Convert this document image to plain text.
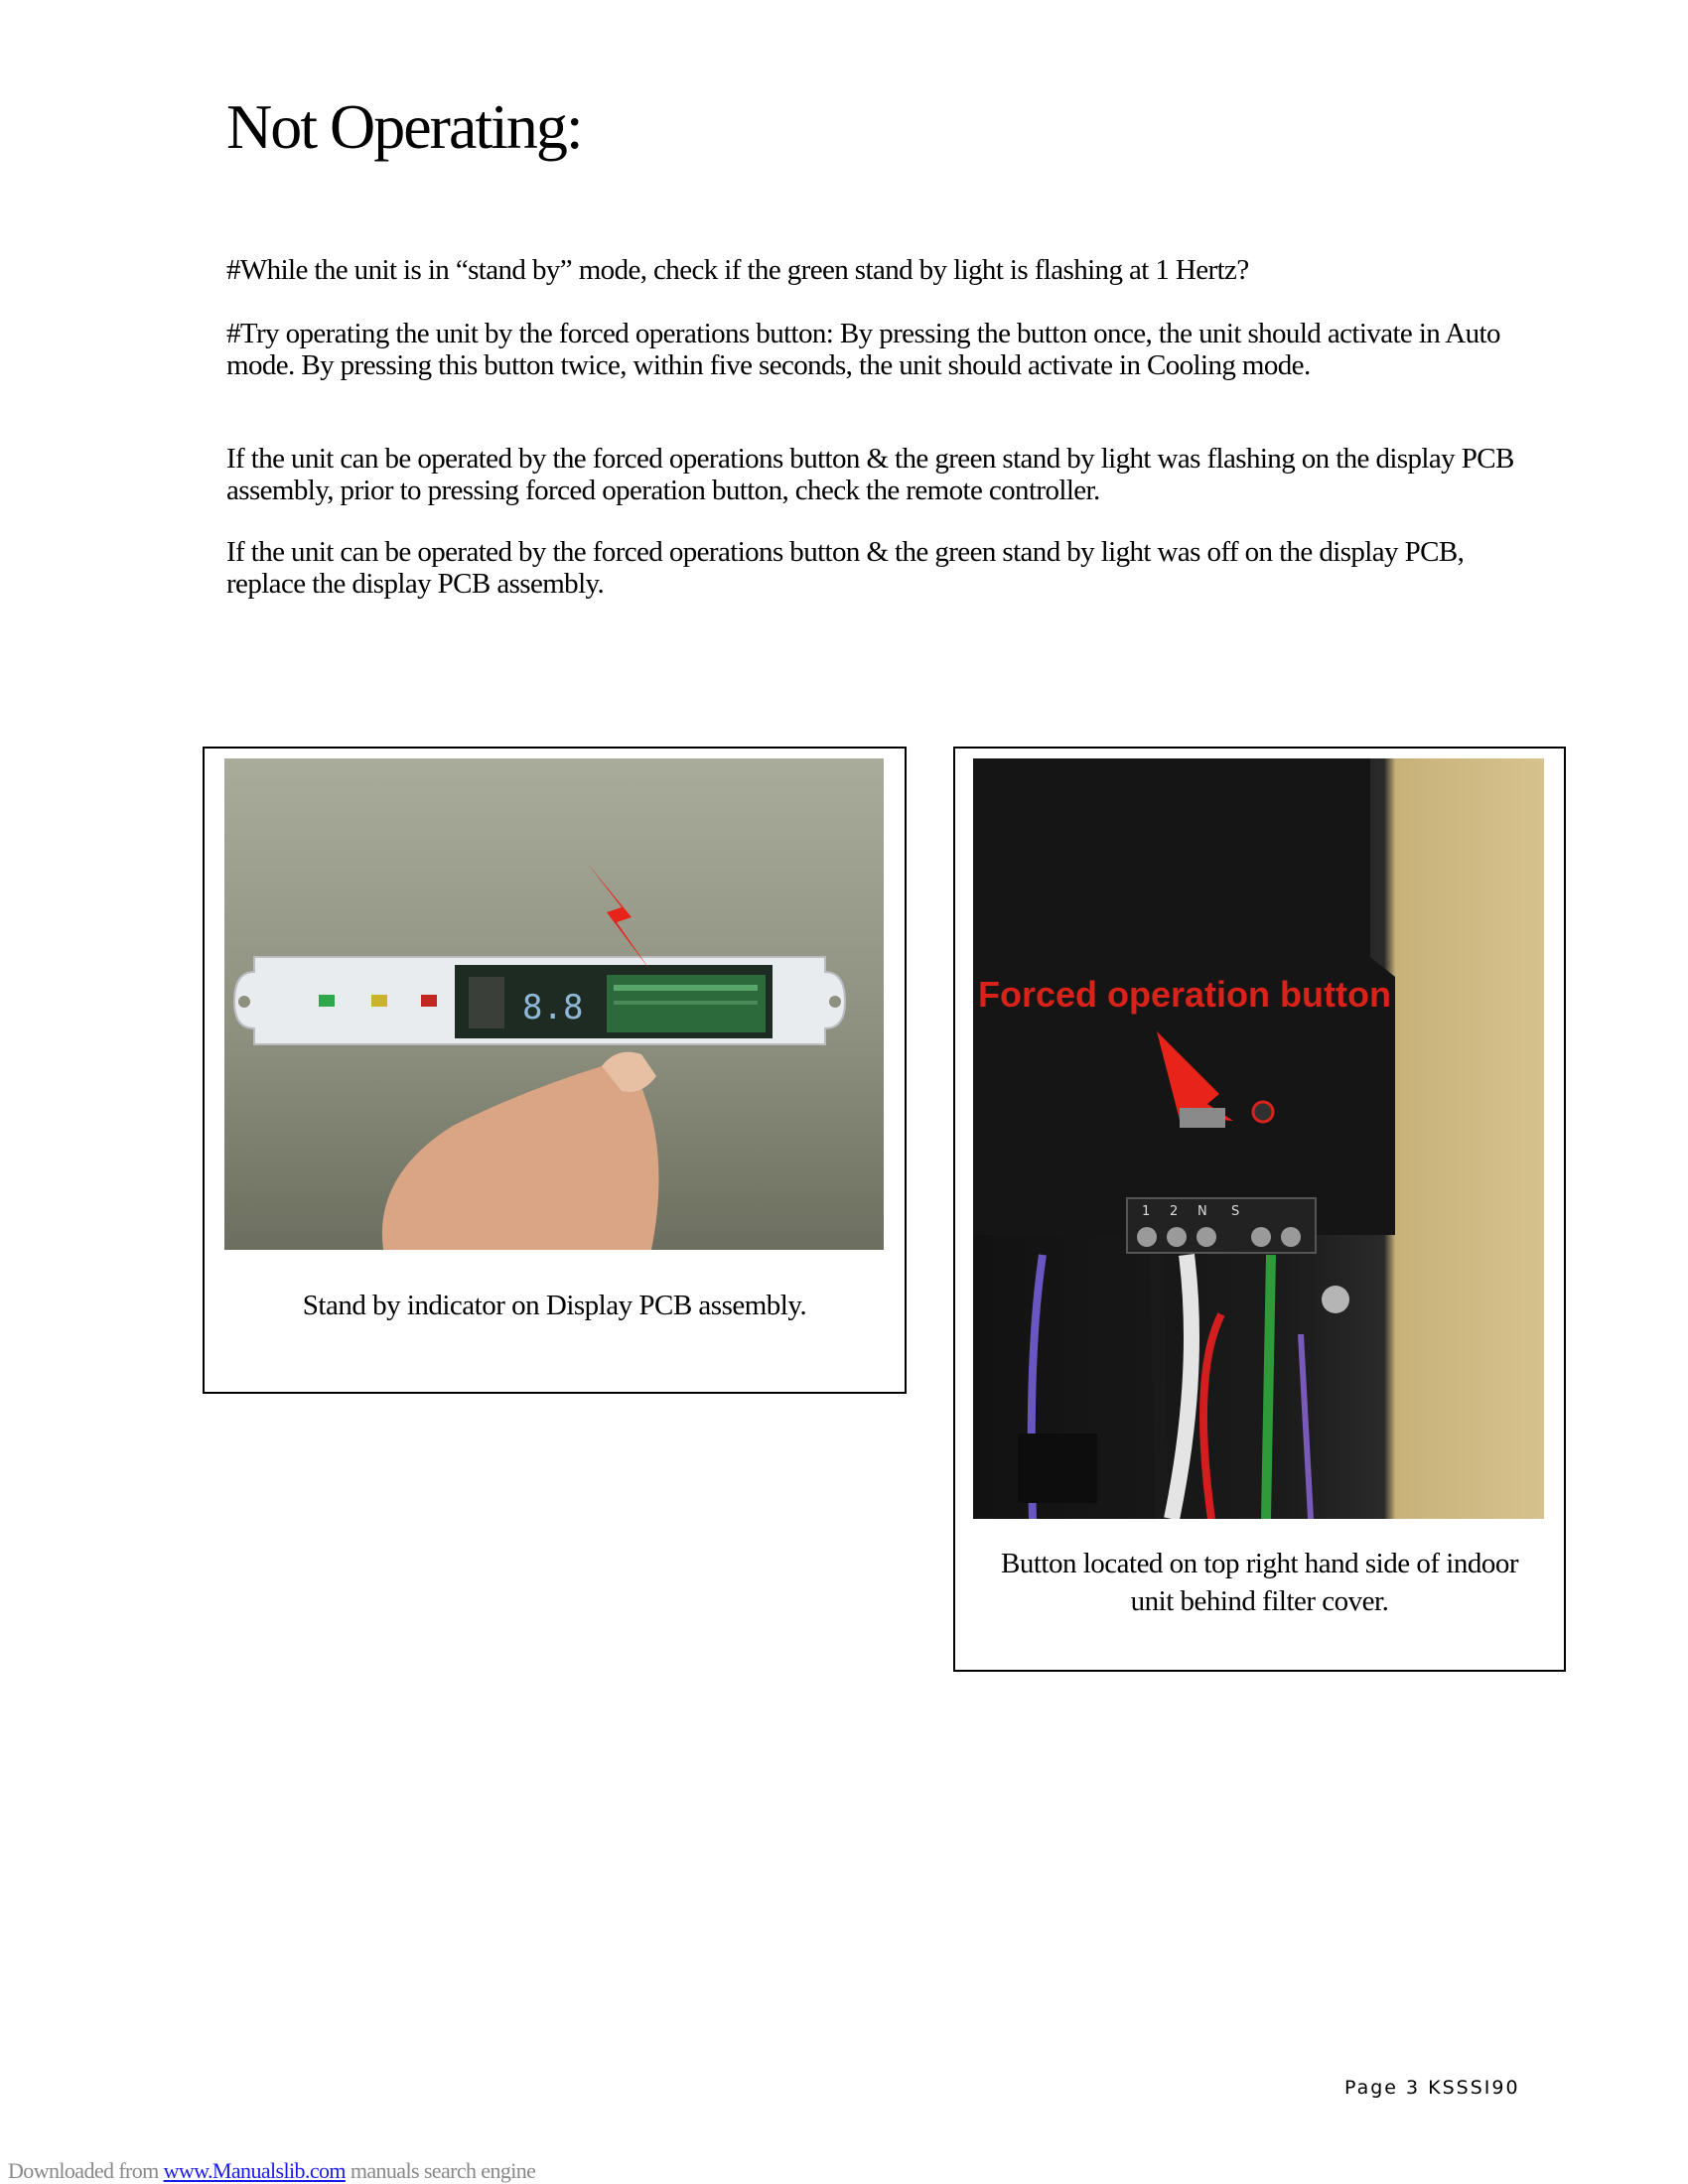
Not Operating:

#While the unit is in “stand by” mode, check if the green stand by light is flashing at 1 Hertz?

#Try operating the unit by the forced operations button: By pressing the button once, the unit should activate in Auto mode. By pressing this button twice, within five seconds, the unit should activate in Cooling mode.

If the unit can be operated by the forced operations button & the green stand by light was flashing on the display PCB assembly, prior to pressing forced operation button, check the remote controller.

If the unit can be operated by the forced operations button & the green stand by light was off on the display PCB, replace the display PCB assembly.

8.8

Stand by indicator on Display PCB assembly.

Forced operation button
1 2 N S

Button located on top right hand side of indoor unit behind filter cover.

Page 3 KSSSI90
Downloaded from www.Manualslib.com manuals search engine
